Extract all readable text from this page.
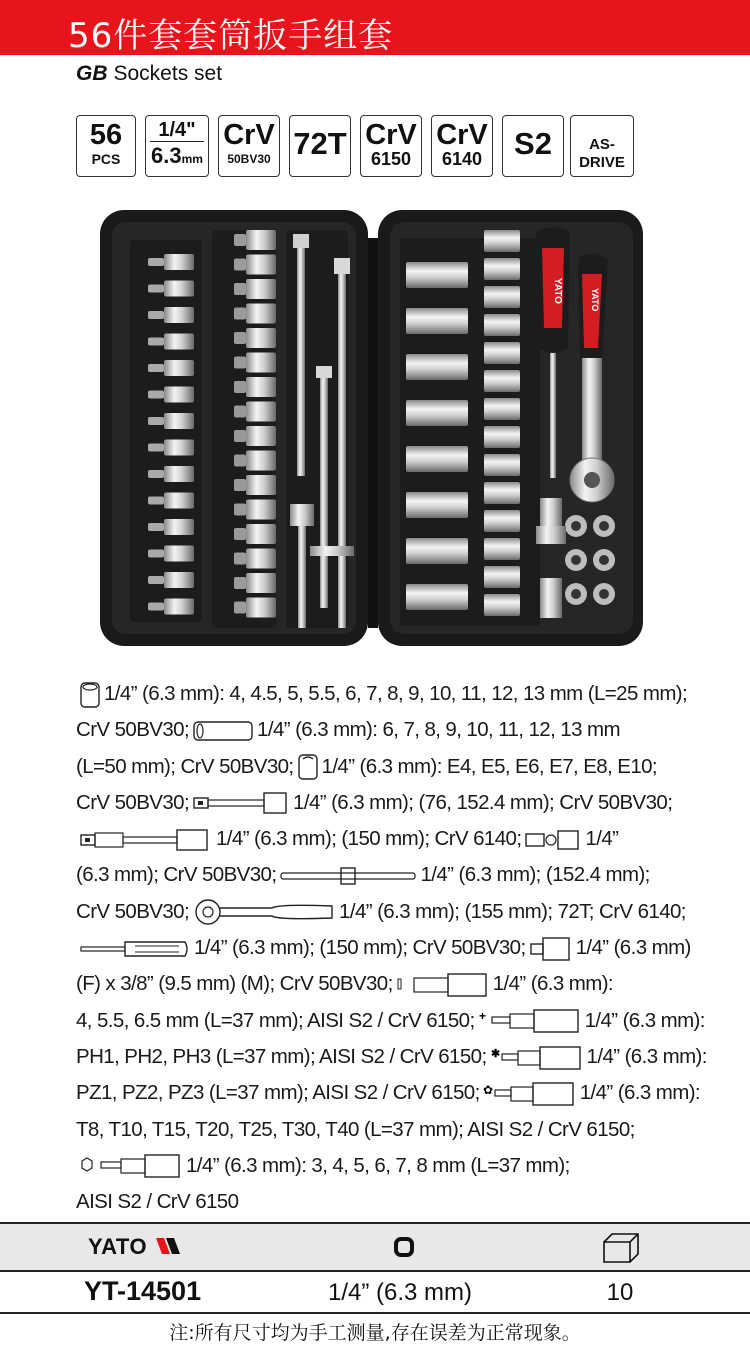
56件套套筒扳手组套
GB Sockets set
56
PCS	$\frac{1/4"}{6.3mm}$ CrV
50BV30 72T CrV
6150
CrV
6140	S2	AS-DRIVE
YATO	YATO
1/4” (6.3 mm): 4, 4.5, 5, 5.5, 6, 7, 8, 9, 10, 11, 12, 13 mm (L=25 mm);
CrV 50BV30;	1/4” (6.3 mm): 6, 7, 8, 9, 10, 11, 12, 13 mm
(L=50 mm); CrV 50BV30; 1/4” (6.3 mm): E4, E5, E6, E7, E8, E10;
CrV 50BV30;	1/4” (6.3 mm); (76, 152.4 mm); CrV 50BV30;
1/4” (6.3 mm); (150 mm); CrV 6140;	1/4”
(6.3 mm); CrV 50BV30;	1/4” (6.3 mm); (152.4 mm);
CrV 50BV30;	1/4” (6.3 mm); (155 mm); 72T; CrV 6140;
1/4” (6.3 mm); (150 mm); CrV 50BV30; 1/4” (6.3 mm)
(F) x 3/8” (9.5 mm) (M); CrV 50BV30;	1/4” (6.3 mm):
4, 5.5, 6.5 mm (L=37 mm); AISI S2 / CrV 6150; +	1/4” (6.3 mm):
PH1, PH2, PH3 (L=37 mm); AISI S2 / CrV 6150; ✱	1/4” (6.3 mm):
PZ1, PZ2, PZ3 (L=37 mm); AISI S2 / CrV 6150; ✿	1/4” (6.3 mm):
T8, T10, T15, T20, T25, T30, T40 (L=37 mm); AISI S2 / CrV 6150;
1/4” (6.3 mm): 3, 4, 5, 6, 7, 8 mm (L=37 mm);
AISI S2 / CrV 6150
YATO
YT-14501	1/4” (6.3 mm)	10
注:所有尺寸均为手工测量,存在误差为正常现象。
